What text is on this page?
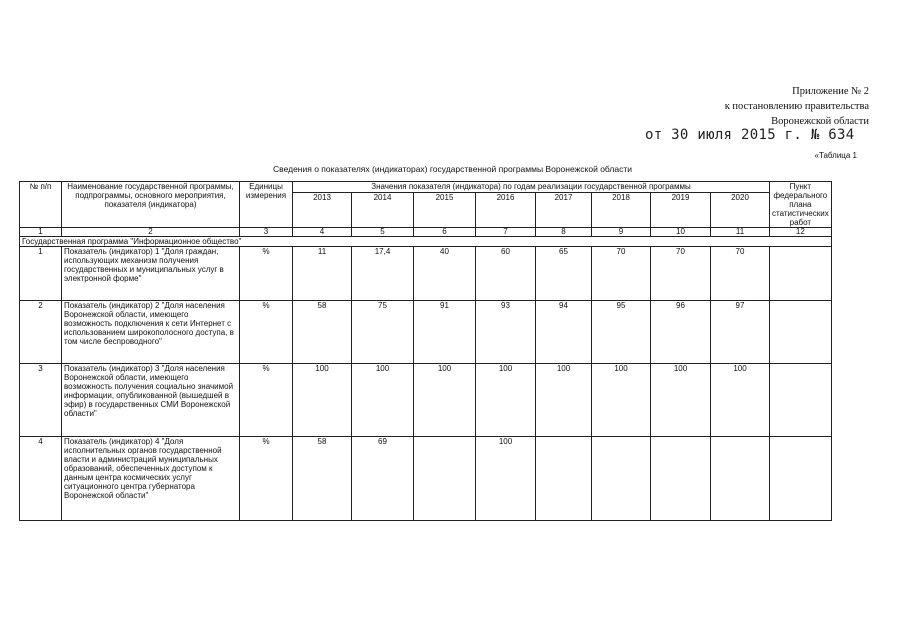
Приложение № 2
к постановлению правительства
Воронежской области
от 30 июля 2015 г. № 634
«Таблица 1
Сведения о показателях (индикаторах) государственной программы Воронежской области
№ п/п	Наименование государственной программы, подпрограммы, основного мероприятия, показателя (индикатора)	Единицы измерения	Значения показателя (индикатора) по годам реализации государственной программы								Пункт федерального плана статистических работ
			2013	2014	2015	2016	2017	2018	2019	2020	
1	2	3	4	5	6	7	8	9	10	11	12
Государственная программа "Информационное общество"											
1	Показатель (индикатор) 1 "Доля граждан, использующих механизм получения государственных и муниципальных услуг в электронной форме"	%	11	17,4	40	60	65	70	70	70	
2	Показатель (индикатор) 2 "Доля населения Воронежской области, имеющего возможность подключения к сети Интернет с использованием широкополосного доступа, в том числе беспроводного"	%	58	75	91	93	94	95	96	97	
3	Показатель (индикатор) 3 "Доля населения Воронежской области, имеющего возможность получения социально значимой информации, опубликованной (вышедшей в эфир) в государственных СМИ Воронежской области"	%	100	100	100	100	100	100	100	100	
4	Показатель (индикатор) 4 "Доля исполнительных органов государственной власти и администраций муниципальных образований, обеспеченных доступом к данным центра космических услуг ситуационного центра губернатора Воронежской области"	%	58	69		100					
